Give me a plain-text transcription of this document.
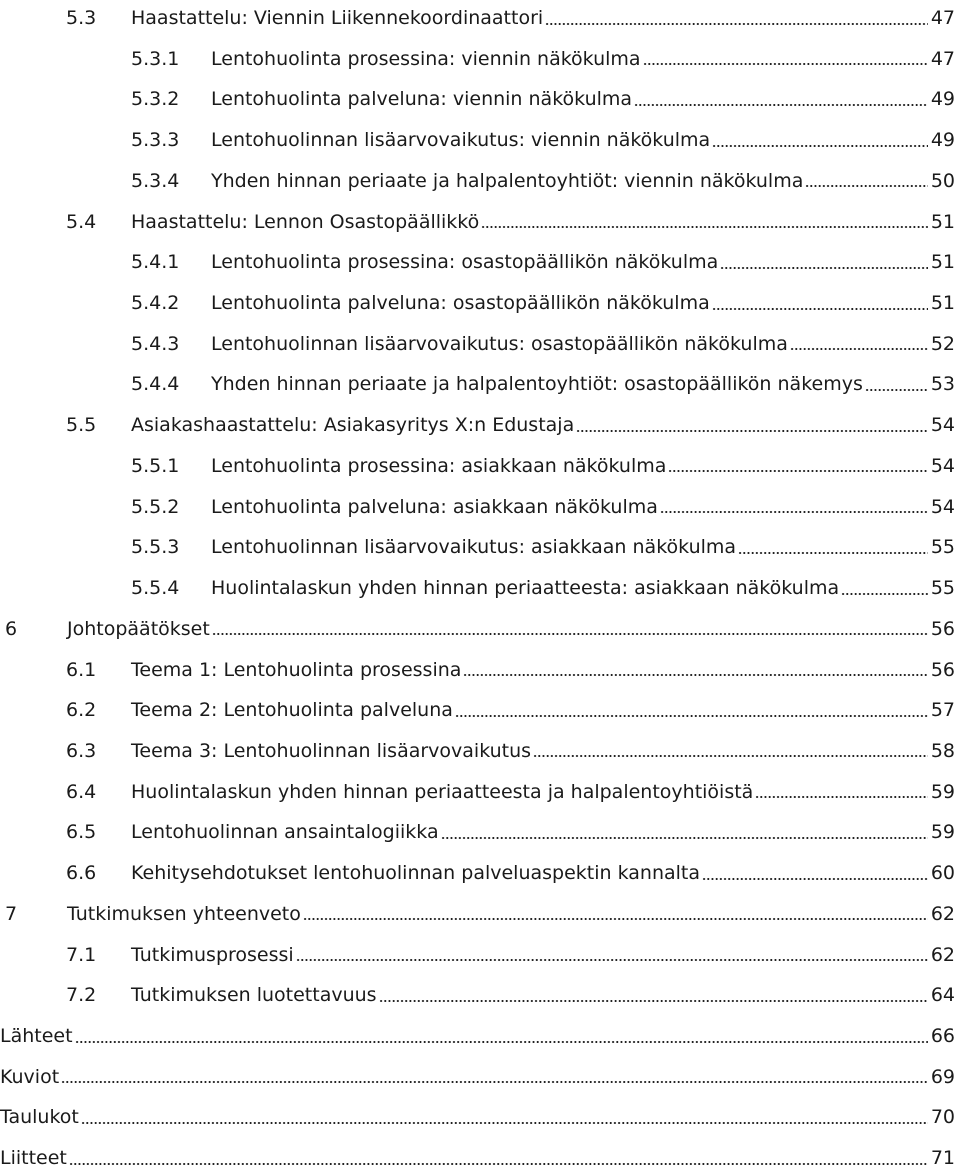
5.3	Haastattelu: Viennin Liikennekoordinaattori	47
5.3.1	Lentohuolinta prosessina: viennin näkökulma	47
5.3.2	Lentohuolinta palveluna: viennin näkökulma	49
5.3.3	Lentohuolinnan lisäarvovaikutus: viennin näkökulma	49
5.3.4	Yhden hinnan periaate ja halpalentoyhtiöt: viennin näkökulma	50
5.4	Haastattelu: Lennon Osastopäällikkö	51
5.4.1	Lentohuolinta prosessina: osastopäällikön näkökulma	51
5.4.2	Lentohuolinta palveluna: osastopäällikön näkökulma	51
5.4.3	Lentohuolinnan lisäarvovaikutus: osastopäällikön näkökulma	52
5.4.4	Yhden hinnan periaate ja halpalentoyhtiöt: osastopäällikön näkemys	53
5.5	Asiakashaastattelu: Asiakasyritys X:n Edustaja	54
5.5.1	Lentohuolinta prosessina: asiakkaan näkökulma	54
5.5.2	Lentohuolinta palveluna: asiakkaan näkökulma	54
5.5.3	Lentohuolinnan lisäarvovaikutus: asiakkaan näkökulma	55
5.5.4	Huolintalaskun yhden hinnan periaatteesta: asiakkaan näkökulma	55
6	Johtopäätökset	56
6.1	Teema 1: Lentohuolinta prosessina	56
6.2	Teema 2: Lentohuolinta palveluna	57
6.3	Teema 3: Lentohuolinnan lisäarvovaikutus	58
6.4	Huolintalaskun yhden hinnan periaatteesta ja halpalentoyhtiöistä	59
6.5	Lentohuolinnan ansaintalogiikka	59
6.6	Kehitysehdotukset lentohuolinnan palveluaspektin kannalta	60
7	Tutkimuksen yhteenveto	62
7.1	Tutkimusprosessi	62
7.2	Tutkimuksen luotettavuus	64
Lähteet	66
Kuviot	69
Taulukot	70
Liitteet	71
